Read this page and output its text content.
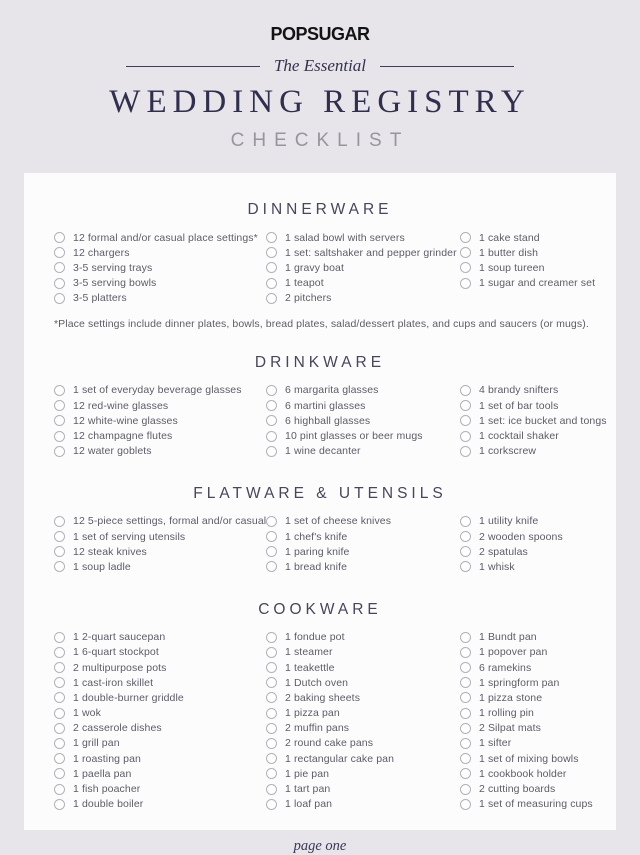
POPSUGAR
The Essential
WEDDING REGISTRY
CHECKLIST
DINNERWARE
12 formal and/or casual place settings*
12 chargers
3-5 serving trays
3-5 serving bowls
3-5 platters
1 salad bowl with servers
1 set: saltshaker and pepper grinder
1 gravy boat
1 teapot
2 pitchers
1 cake stand
1 butter dish
1 soup tureen
1 sugar and creamer set

*Place settings include dinner plates, bowls, bread plates, salad/dessert plates, and cups and saucers (or mugs).

DRINKWARE
1 set of everyday beverage glasses
12 red-wine glasses
12 white-wine glasses
12 champagne flutes
12 water goblets
6 margarita glasses
6 martini glasses
6 highball glasses
10 pint glasses or beer mugs
1 wine decanter
4 brandy snifters
1 set of bar tools
1 set: ice bucket and tongs
1 cocktail shaker
1 corkscrew
FLATWARE & UTENSILS
12 5-piece settings, formal and/or casual
1 set of serving utensils
12 steak knives
1 soup ladle
1 set of cheese knives
1 chef's knife
1 paring knife
1 bread knife
1 utility knife
2 wooden spoons
2 spatulas
1 whisk
COOKWARE
1 2-quart saucepan
1 6-quart stockpot
2 multipurpose pots
1 cast-iron skillet
1 double-burner griddle
1 wok
2 casserole dishes
1 grill pan
1 roasting pan
1 paella pan
1 fish poacher
1 double boiler
1 fondue pot
1 steamer
1 teakettle
1 Dutch oven
2 baking sheets
1 pizza pan
2 muffin pans
2 round cake pans
1 rectangular cake pan
1 pie pan
1 tart pan
1 loaf pan
1 Bundt pan
1 popover pan
6 ramekins
1 springform pan
1 pizza stone
1 rolling pin
2 Silpat mats
1 sifter
1 set of mixing bowls
1 cookbook holder
2 cutting boards
1 set of measuring cups
page one
